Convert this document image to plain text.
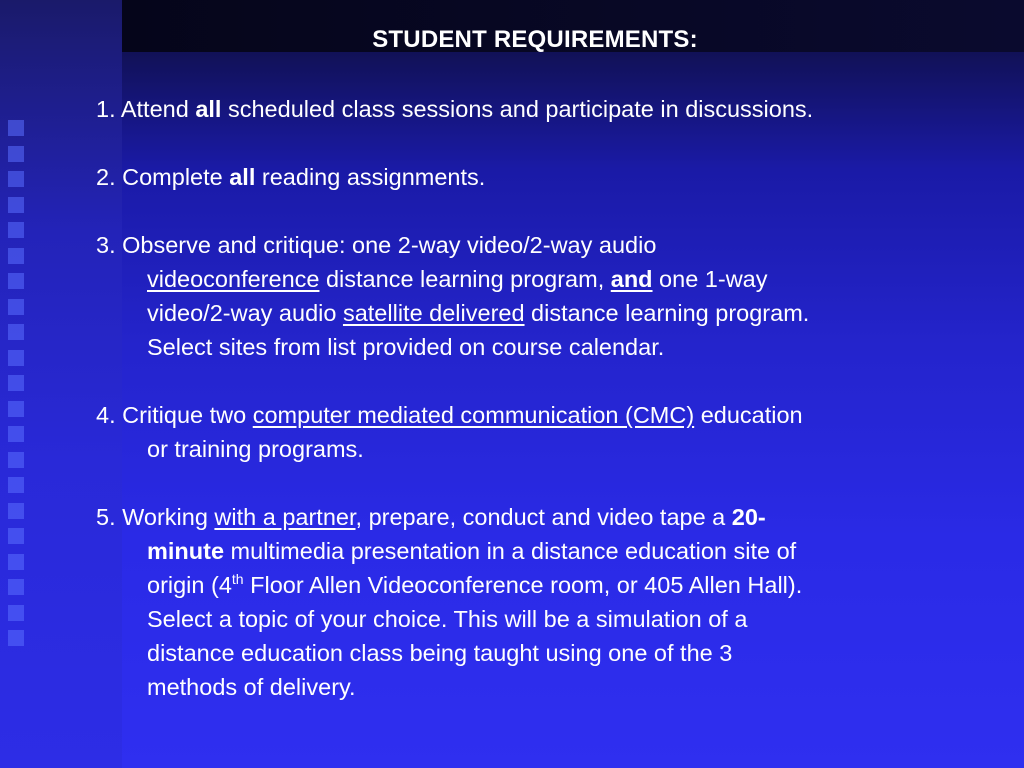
STUDENT REQUIREMENTS:
1. Attend all scheduled class sessions and participate in discussions.
2. Complete all reading assignments.
3. Observe and critique: one 2-way video/2-way audio
videoconference distance learning program, and one 1-way
video/2-way audio satellite delivered distance learning program.
Select sites from list provided on course calendar.
4. Critique two computer mediated communication (CMC) education
or training programs.
5. Working with a partner, prepare, conduct and video tape a 20-
minute multimedia presentation in a distance education site of
origin (4th Floor Allen Videoconference room, or 405 Allen Hall).
Select a topic of your choice. This will be a simulation of a
distance education class being taught using one of the 3
methods of delivery.
